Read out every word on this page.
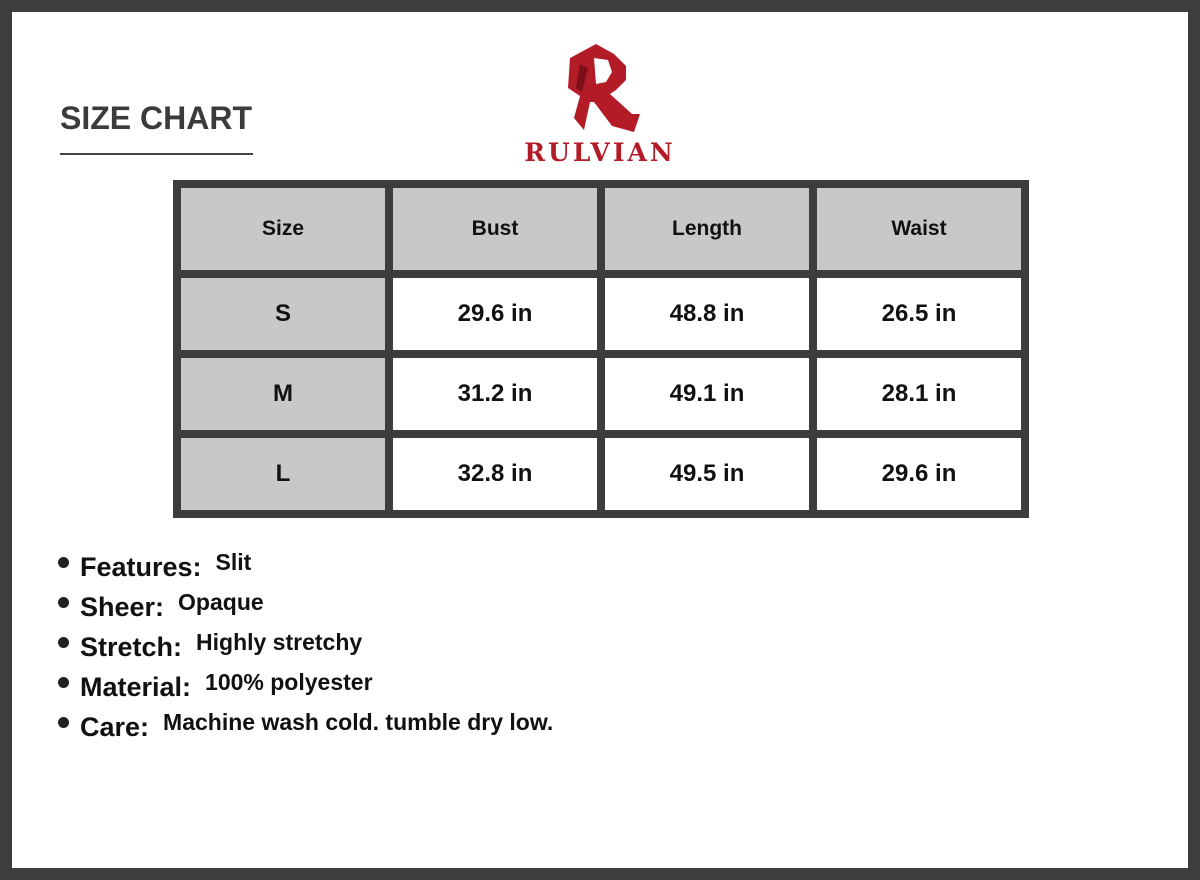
SIZE CHART
RULVIAN
Size	Bust	Length	Waist
S	29.6 in	48.8 in	26.5 in
M	31.2 in	49.1 in	28.1 in
L	32.8 in	49.5 in	29.6 in
Features: Slit
Sheer: Opaque
Stretch: Highly stretchy
Material: 100% polyester
Care: Machine wash cold. tumble dry low.
